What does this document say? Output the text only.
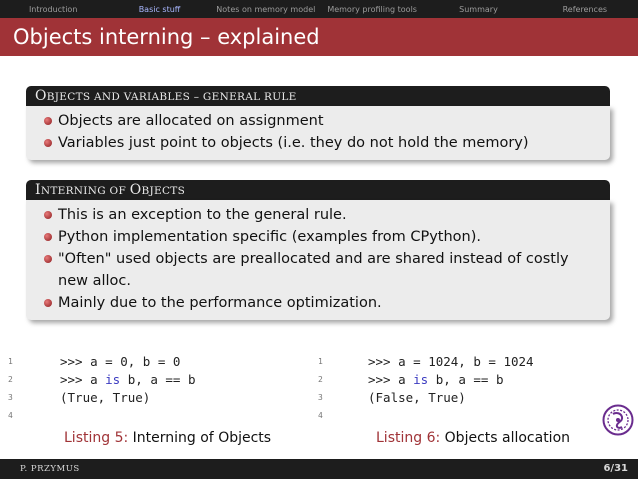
Introduction	Basic stuff	Notes on memory model	Memory profiling tools	Summary	References
Objects interning – explained
OBJECTS AND VARIABLES – GENERAL RULE
Objects are allocated on assignment
Variables just point to objects (i.e. they do not hold the memory)
INTERNING OF OBJECTS
This is an exception to the general rule.
Python implementation specific (examples from CPython).
"Often" used objects are preallocated and are shared instead of costly new alloc.
Mainly due to the performance optimization.
1
2
3
4
>>> a = 0, b = 0
>>> a is b, a == b
(True, True)
1
2
3
4
>>> a = 1024, b = 1024
>>> a is b, a == b
(False, True)
Listing 5: Interning of Objects	Listing 6: Objects allocation
P. PRZYMUS	6/31
